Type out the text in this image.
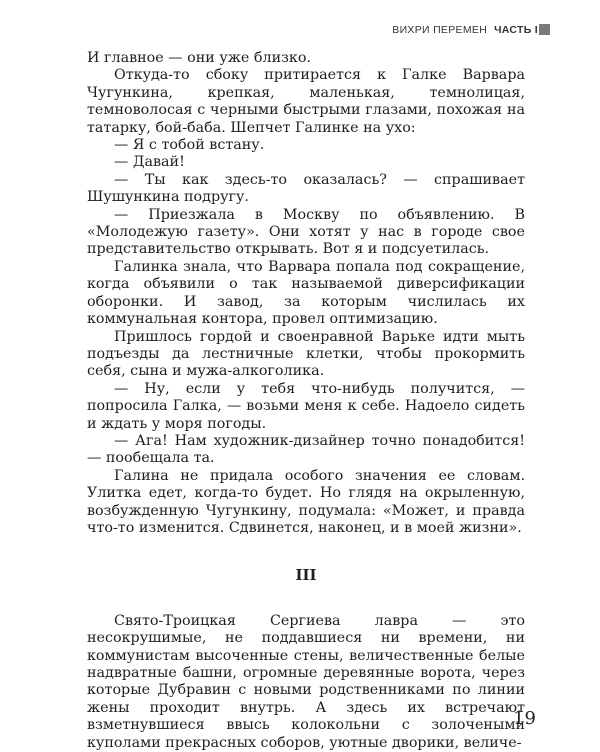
ВИХРИ ПЕРЕМЕН ЧАСТЬ I

И главное — они уже близко.

Откуда-то сбоку притирается к Галке Варвара Чугункина, крепкая, маленькая, темнолицая, темноволосая с черными быстрыми глазами, похожая на татарку, бой-баба. Шепчет Галинке на ухо:

— Я с тобой встану.

— Давай!

— Ты как здесь-то оказалась? — спрашивает Шушункина подругу.

— Приезжала в Москву по объявлению. В «Молодежую газету». Они хотят у нас в городе свое представительство открывать. Вот я и подсуетилась.

Галинка знала, что Варвара попала под сокращение, когда объявили о так называемой диверсификации оборонки. И завод, за которым числилась их коммунальная контора, провел оптимизацию.

Пришлось гордой и своенравной Варьке идти мыть подъезды да лестничные клетки, чтобы прокормить себя, сына и мужа-алкоголика.

— Ну, если у тебя что-нибудь получится, — попросила Галка, — возьми меня к себе. Надоело сидеть и ждать у моря погоды.

— Ага! Нам художник-дизайнер точно понадобится! — пообещала та.

Галина не придала особого значения ее словам. Улитка едет, когда-то будет. Но глядя на окрыленную, возбужденную Чугункину, подумала: «Может, и правда что-то изменится. Сдвинется, наконец, и в моей жизни».

III

Свято-Троицкая Сергиева лавра — это несокрушимые, не поддавшиеся ни времени, ни коммунистам высоченные стены, величественные белые надвратные башни, огромные деревянные ворота, через которые Дубравин с новыми родственниками по линии жены проходит внутрь. А здесь их встречают взметнувшиеся ввысь колокольни с золочеными куполами прекрасных соборов, уютные дворики, величе-

19
